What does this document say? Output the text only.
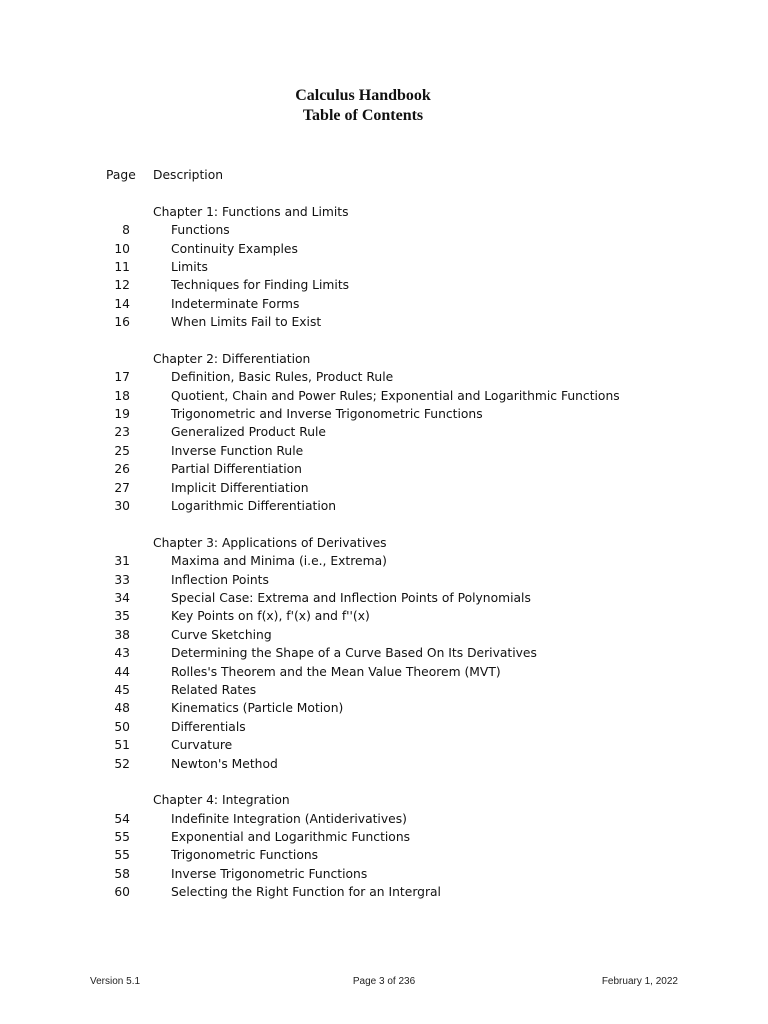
Calculus Handbook
Table of Contents
Page Description
Chapter 1: Functions and Limits
8	Functions
10	Continuity Examples
11	Limits
12	Techniques for Finding Limits
14	Indeterminate Forms
16	When Limits Fail to Exist
Chapter 2: Differentiation
17	Definition, Basic Rules, Product Rule
18	Quotient, Chain and Power Rules; Exponential and Logarithmic Functions
19	Trigonometric and Inverse Trigonometric Functions
23	Generalized Product Rule
25	Inverse Function Rule
26	Partial Differentiation
27	Implicit Differentiation
30	Logarithmic Differentiation
Chapter 3: Applications of Derivatives
31	Maxima and Minima (i.e., Extrema)
33	Inflection Points
34	Special Case: Extrema and Inflection Points of Polynomials
35	Key Points on f(x), f'(x) and f''(x)
38	Curve Sketching
43	Determining the Shape of a Curve Based On Its Derivatives
44	Rolles's Theorem and the Mean Value Theorem (MVT)
45	Related Rates
48	Kinematics (Particle Motion)
50	Differentials
51	Curvature
52	Newton's Method
Chapter 4: Integration
54	Indefinite Integration (Antiderivatives)
55	Exponential and Logarithmic Functions
55	Trigonometric Functions
58	Inverse Trigonometric Functions
60	Selecting the Right Function for an Intergral
Version 5.1	Page 3 of 236	February 1, 2022
